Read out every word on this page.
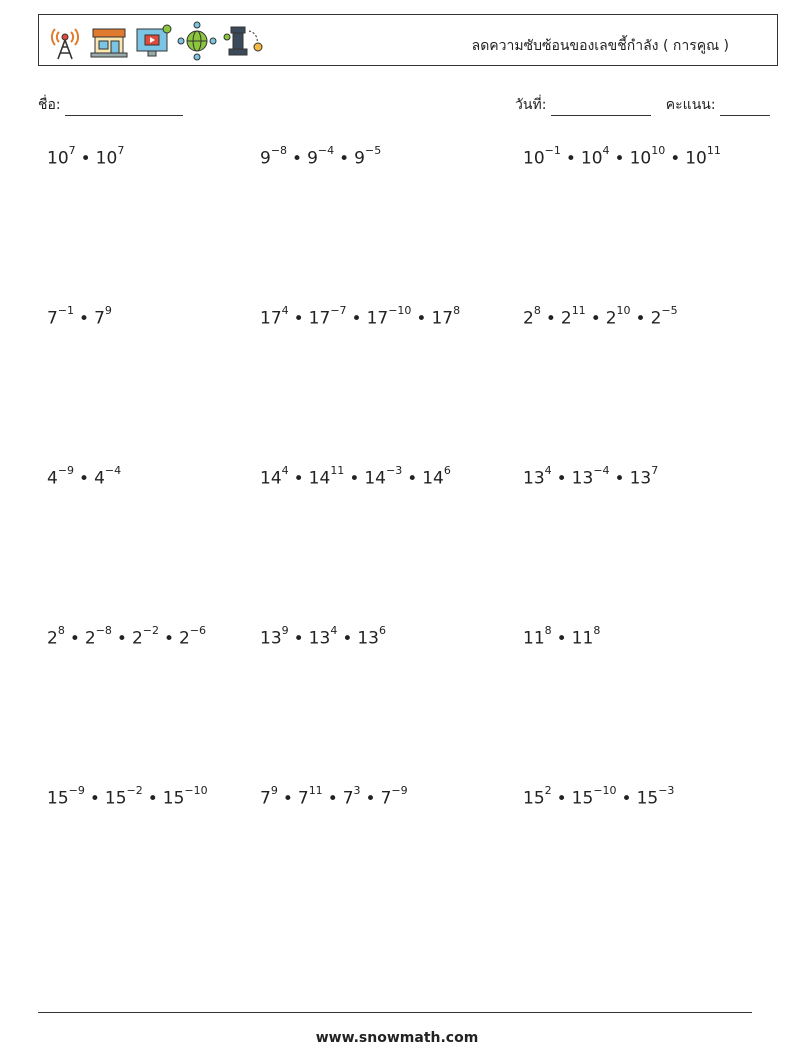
ลดความซับซ้อนของเลขชี้กำลัง ( การคูณ )
ชื่อ:	วันที่:	คะแนน:
$10^7$ • $10^7$	$9^{-8}$ • $9^{-4}$ • $9^{-5}$	$10^{-1}$ • $10^4$ • $10^{10}$ • $10^{11}$
$7^{-1}$ • $7^9$	$17^4$ • $17^{-7}$ • $17^{-10}$ • $17^8$	$2^8$ • $2^{11}$ • $2^{10}$ • $2^{-5}$
$4^{-9}$ • $4^{-4}$	$14^4$ • $14^{11}$ • $14^{-3}$ • $14^6$	$13^4$ • $13^{-4}$ • $13^7$
$2^8$ • $2^{-8}$ • $2^{-2}$ • $2^{-6}$	$13^9$ • $13^4$ • $13^6$	$11^8$ • $11^8$
$15^{-9}$ • $15^{-2}$ • $15^{-10}$	$7^9$ • $7^{11}$ • $7^3$ • $7^{-9}$	$15^2$ • $15^{-10}$ • $15^{-3}$
www.snowmath.com
